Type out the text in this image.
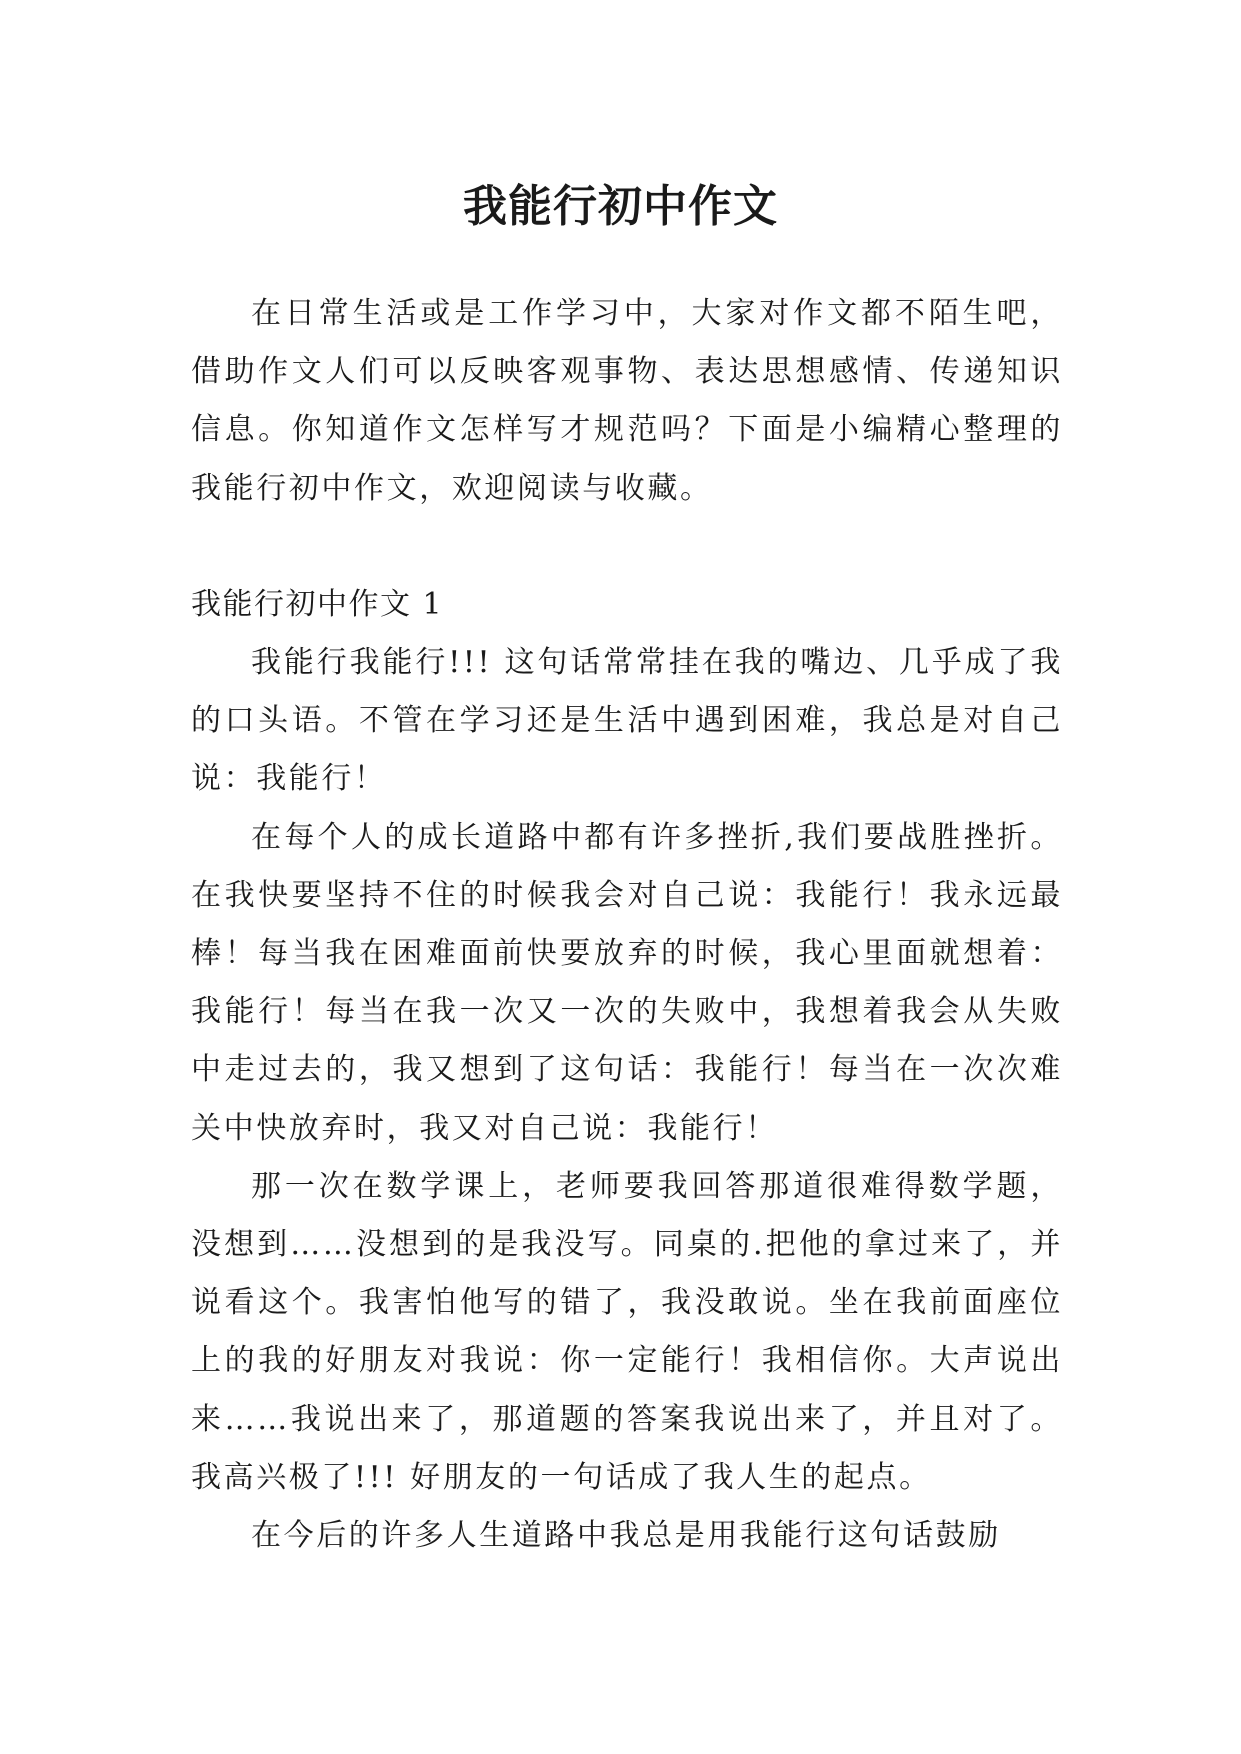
我能行初中作文

在日常生活或是工作学习中，大家对作文都不陌生吧，借助作文人们可以反映客观事物、表达思想感情、传递知识信息。你知道作文怎样写才规范吗？下面是小编精心整理的我能行初中作文，欢迎阅读与收藏。

我能行初中作文 1

我能行我能行!!! 这句话常常挂在我的嘴边、几乎成了我的口头语。不管在学习还是生活中遇到困难，我总是对自己说：我能行！

在每个人的成长道路中都有许多挫折,我们要战胜挫折。在我快要坚持不住的时候我会对自己说：我能行！我永远最棒！每当我在困难面前快要放弃的时候，我心里面就想着：我能行！每当在我一次又一次的失败中，我想着我会从失败中走过去的，我又想到了这句话：我能行！每当在一次次难关中快放弃时，我又对自己说：我能行！

那一次在数学课上，老师要我回答那道很难得数学题，没想到……没想到的是我没写。同桌的.把他的拿过来了，并说看这个。我害怕他写的错了，我没敢说。坐在我前面座位上的我的好朋友对我说：你一定能行！我相信你。大声说出来……我说出来了，那道题的答案我说出来了，并且对了。我高兴极了!!! 好朋友的一句话成了我人生的起点。

在今后的许多人生道路中我总是用我能行这句话鼓励
